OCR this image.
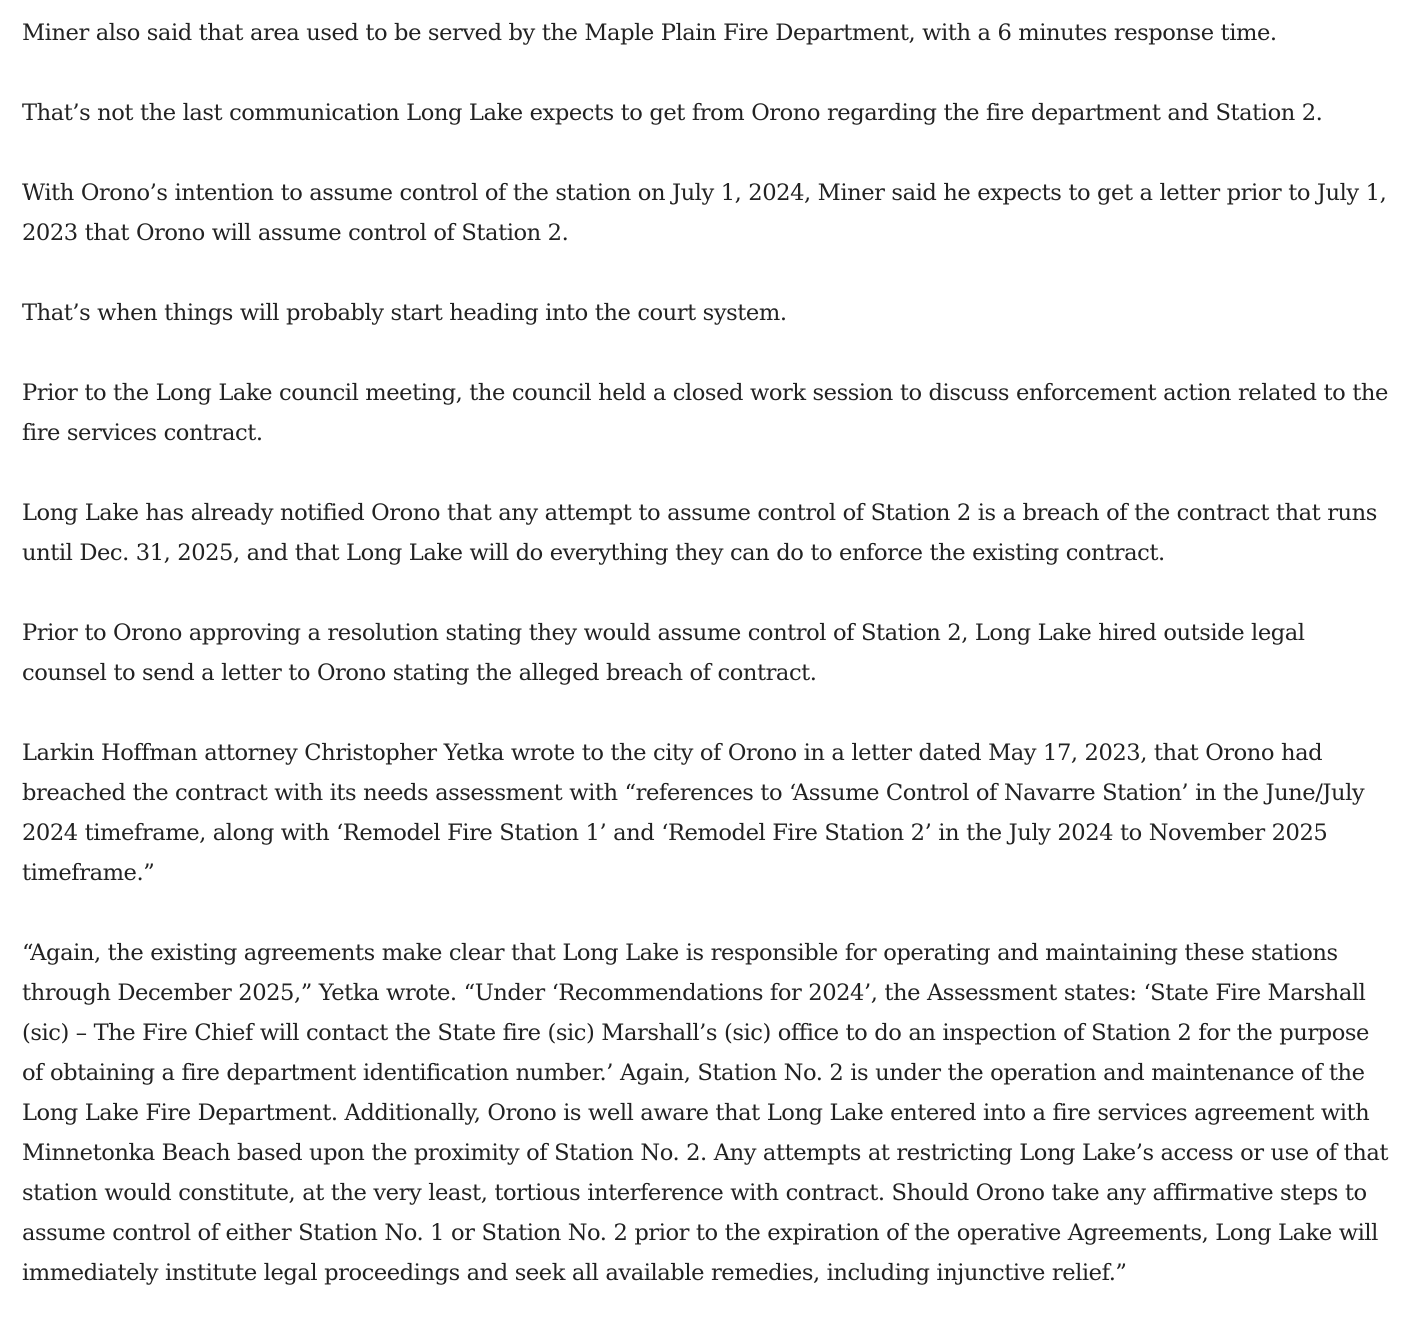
Miner also said that area used to be served by the Maple Plain Fire Department, with a 6 minutes response time.

That’s not the last communication Long Lake expects to get from Orono regarding the fire department and Station 2.

With Orono’s intention to assume control of the station on July 1, 2024, Miner said he expects to get a letter prior to July 1, 2023 that Orono will assume control of Station 2.

That’s when things will probably start heading into the court system.

Prior to the Long Lake council meeting, the council held a closed work session to discuss enforcement action related to the fire services contract.

Long Lake has already notified Orono that any attempt to assume control of Station 2 is a breach of the contract that runs until Dec. 31, 2025, and that Long Lake will do everything they can do to enforce the existing contract.

Prior to Orono approving a resolution stating they would assume control of Station 2, Long Lake hired outside legal counsel to send a letter to Orono stating the alleged breach of contract.

Larkin Hoffman attorney Christopher Yetka wrote to the city of Orono in a letter dated May 17, 2023, that Orono had breached the contract with its needs assessment with “references to ‘Assume Control of Navarre Station’ in the June/July 2024 timeframe, along with ‘Remodel Fire Station 1’ and ‘Remodel Fire Station 2’ in the July 2024 to November 2025 timeframe.”

“Again, the existing agreements make clear that Long Lake is responsible for operating and maintaining these stations through December 2025,” Yetka wrote. “Under ‘Recommendations for 2024’, the Assessment states: ‘State Fire Marshall (sic) – The Fire Chief will contact the State fire (sic) Marshall’s (sic) office to do an inspection of Station 2 for the purpose of obtaining a fire department identification number.’ Again, Station No. 2 is under the operation and maintenance of the Long Lake Fire Department. Additionally, Orono is well aware that Long Lake entered into a fire services agreement with Minnetonka Beach based upon the proximity of Station No. 2. Any attempts at restricting Long Lake’s access or use of that station would constitute, at the very least, tortious interference with contract. Should Orono take any affirmative steps to assume control of either Station No. 1 or Station No. 2 prior to the expiration of the operative Agreements, Long Lake will immediately institute legal proceedings and seek all available remedies, including injunctive relief.”
